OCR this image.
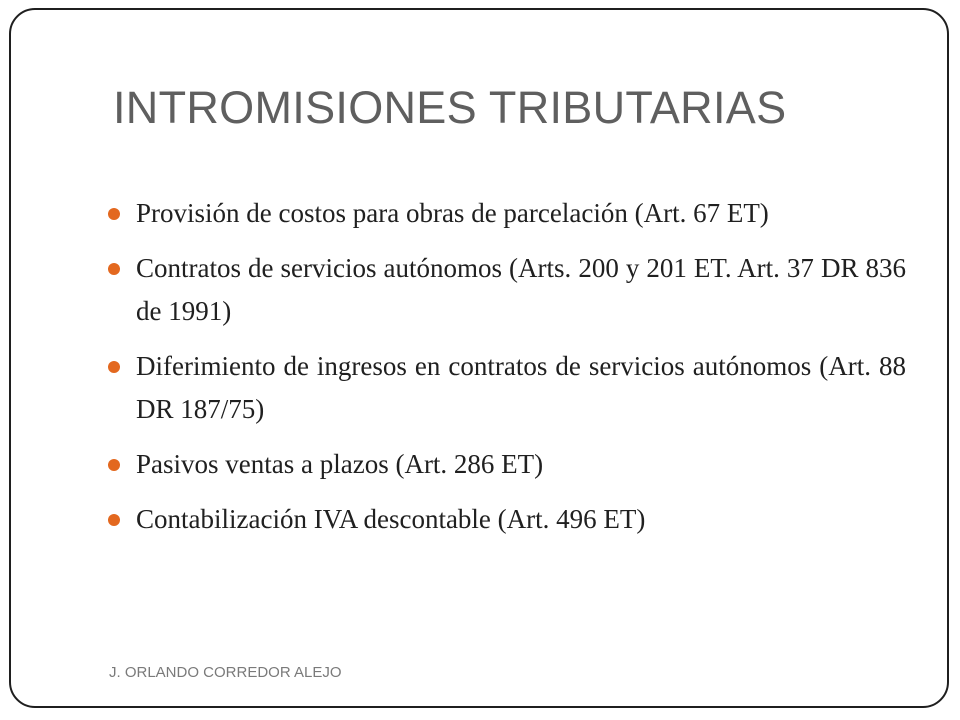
INTROMISIONES TRIBUTARIAS
Provisión de costos para obras de parcelación (Art. 67 ET)
Contratos de servicios autónomos (Arts. 200 y 201 ET. Art. 37 DR 836 de 1991)
Diferimiento de ingresos en contratos de servicios autónomos (Art. 88 DR 187/75)
Pasivos ventas a plazos (Art. 286 ET)
Contabilización IVA descontable (Art. 496 ET)
J. ORLANDO CORREDOR ALEJO
